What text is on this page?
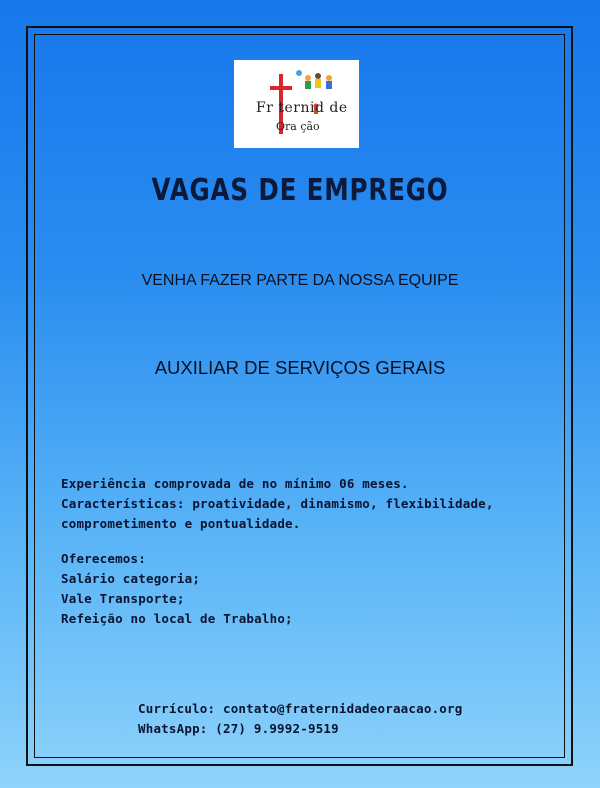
Fr ternid de
Ora ção
VAGAS DE EMPREGO
VENHA FAZER PARTE DA NOSSA EQUIPE
AUXILIAR DE SERVIÇOS GERAIS
Experiência comprovada de no mínimo 06 meses.
Características: proatividade, dinamismo, flexibilidade,
comprometimento e pontualidade.
Oferecemos:
Salário categoria;
Vale Transporte;
Refeição no local de Trabalho;
Currículo: contato@fraternidadeoraacao.org
WhatsApp: (27) 9.9992-9519
